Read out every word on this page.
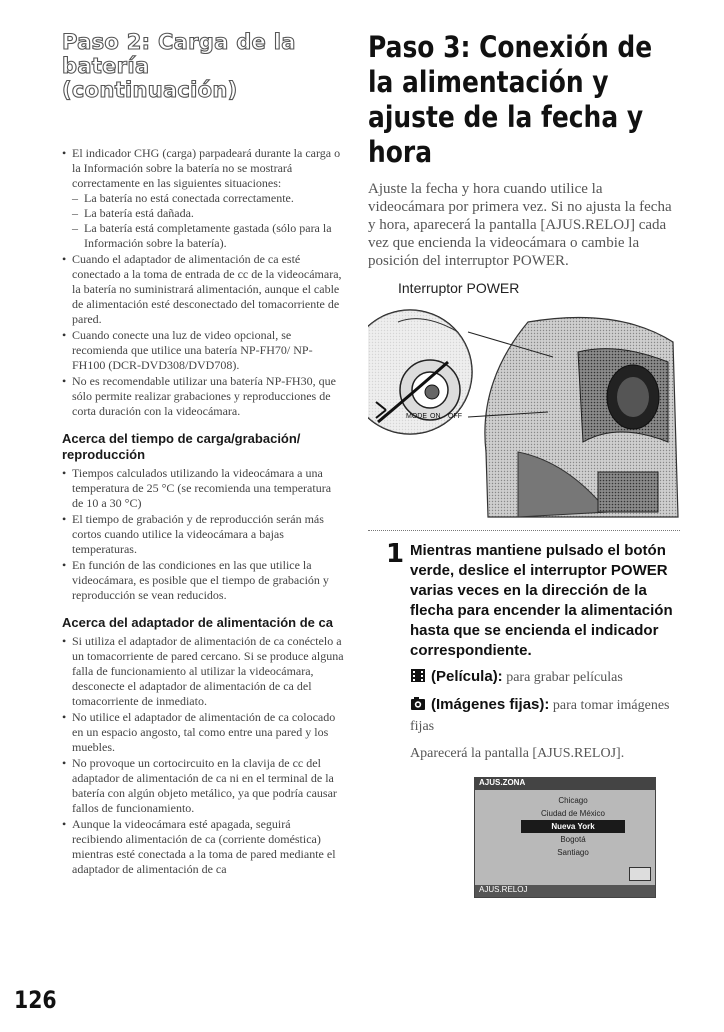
Paso 2: Carga de la batería
(continuación)
• El indicador CHG (carga) parpadeará durante la carga o la Información sobre la batería no se mostrará correctamente en las siguientes situaciones:
– La batería no está conectada correctamente.
– La batería está dañada.
– La batería está completamente gastada (sólo para la Información sobre la batería).
• Cuando el adaptador de alimentación de ca esté conectado a la toma de entrada de cc de la videocámara, la batería no suministrará alimentación, aunque el cable de alimentación esté desconectado del tomacorriente de pared.
• Cuando conecte una luz de video opcional, se recomienda que utilice una batería NP-FH70/ NP-FH100 (DCR-DVD308/DVD708).
• No es recomendable utilizar una batería NP-FH30, que sólo permite realizar grabaciones y reproducciones de corta duración con la videocámara.
Acerca del tiempo de carga/grabación/ reproducción
• Tiempos calculados utilizando la videocámara a una temperatura de 25 °C (se recomienda una temperatura de 10 a 30 °C)
• El tiempo de grabación y de reproducción serán más cortos cuando utilice la videocámara a bajas temperaturas.
• En función de las condiciones en las que utilice la videocámara, es posible que el tiempo de grabación y reproducción se vean reducidos.
Acerca del adaptador de alimentación de ca
• Si utiliza el adaptador de alimentación de ca conéctelo a un tomacorriente de pared cercano. Si se produce alguna falla de funcionamiento al utilizar la videocámara, desconecte el adaptador de alimentación de ca del tomacorriente de inmediato.
• No utilice el adaptador de alimentación de ca colocado en un espacio angosto, tal como entre una pared y los muebles.
• No provoque un cortocircuito en la clavija de cc del adaptador de alimentación de ca ni en el terminal de la batería con algún objeto metálico, ya que podría causar fallos de funcionamiento.
• Aunque la videocámara esté apagada, seguirá recibiendo alimentación de ca (corriente doméstica) mientras esté conectada a la toma de pared mediante el adaptador de alimentación de ca
Paso 3: Conexión de la alimentación y ajuste de la fecha y hora

Ajuste la fecha y hora cuando utilice la videocámara por primera vez. Si no ajusta la fecha y hora, aparecerá la pantalla [AJUS.RELOJ] cada vez que encienda la videocámara o cambie la posición del interruptor POWER.

Interruptor POWER
MODE ON OFF
1 Mientras mantiene pulsado el botón verde, deslice el interruptor POWER varias veces en la dirección de la flecha para encender la alimentación hasta que se encienda el indicador correspondiente.

(Película): para grabar películas

(Imágenes fijas): para tomar imágenes fijas

Aparecerá la pantalla [AJUS.RELOJ].

AJUS.ZONA
Chicago
Ciudad de México
Nueva York
Bogotá
Santiago
AJUS.RELOJ
126
